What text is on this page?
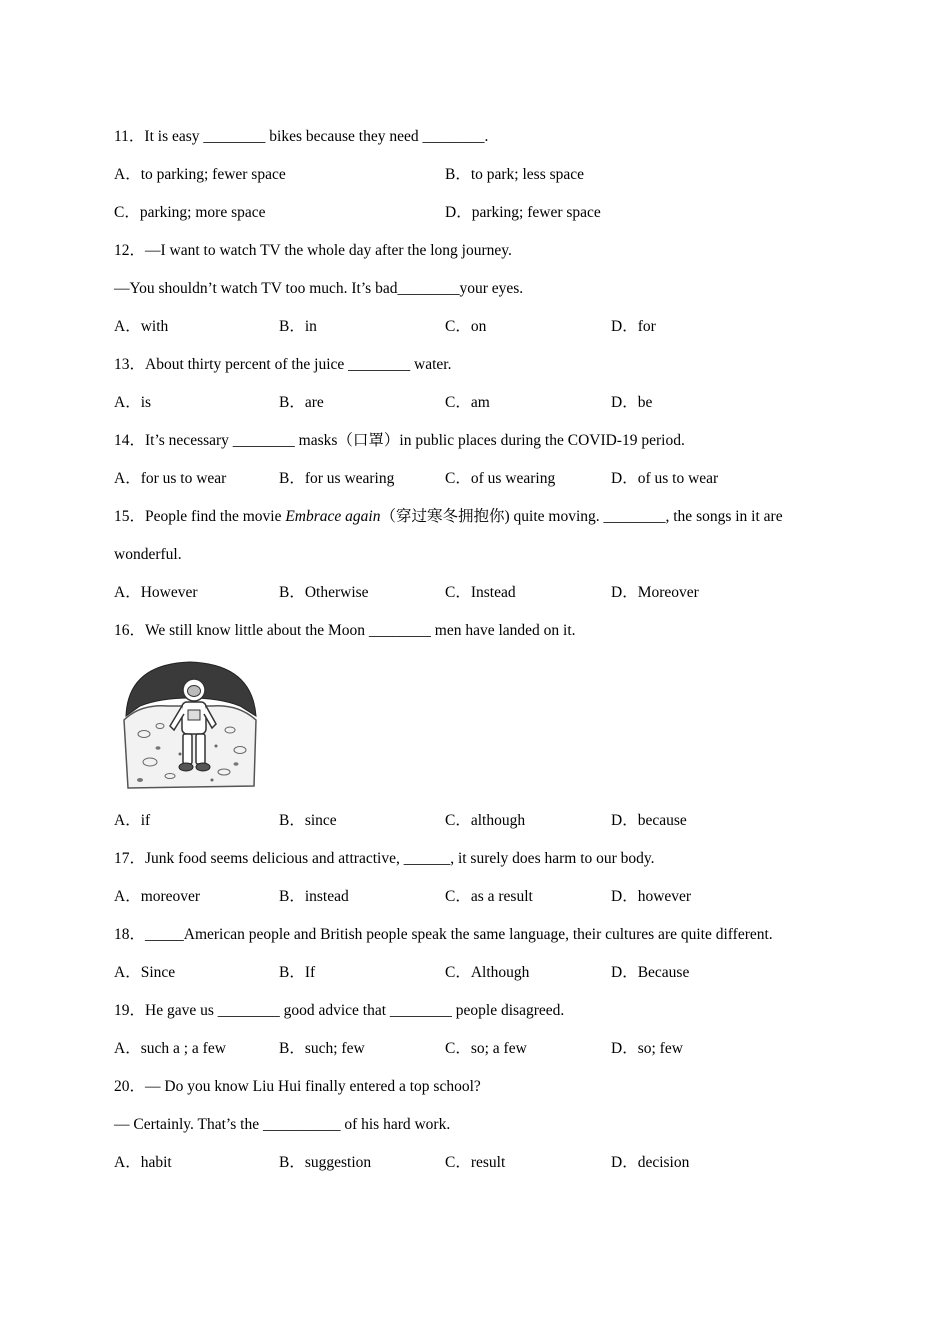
11．It is easy ________ bikes because they need ________.
A．to parking; fewer space	B．to park; less space
C．parking; more space	D．parking; fewer space
12．—I want to watch TV the whole day after the long journey.
—You shouldn’t watch TV too much. It’s bad________your eyes.
A．with	B．in	C．on	D．for
13．About thirty percent of the juice ________ water.
A．is	B．are	C．am	D．be
14．It’s necessary ________ masks（口罩）in public places during the COVID-19 period.
A．for us to wear	B．for us wearing	C．of us wearing	D．of us to wear
15．People find the movie Embrace again（穿过寒冬拥抱你) quite moving. ________, the songs in it are
wonderful.
A．However	B．Otherwise	C．Instead	D．Moreover
16．We still know little about the Moon ________ men have landed on it.
A．if	B．since	C．although	D．because
17．Junk food seems delicious and attractive, ______, it surely does harm to our body.
A．moreover	B．instead	C．as a result	D．however
18．_____American people and British people speak the same language, their cultures are quite different.
A．Since	B．If	C．Although	D．Because
19．He gave us ________ good advice that ________ people disagreed.
A．such a ; a few	B．such; few	C．so; a few	D．so; few
20．— Do you know Liu Hui finally entered a top school?
— Certainly. That’s the __________ of his hard work.
A．habit	B．suggestion	C．result	D．decision
